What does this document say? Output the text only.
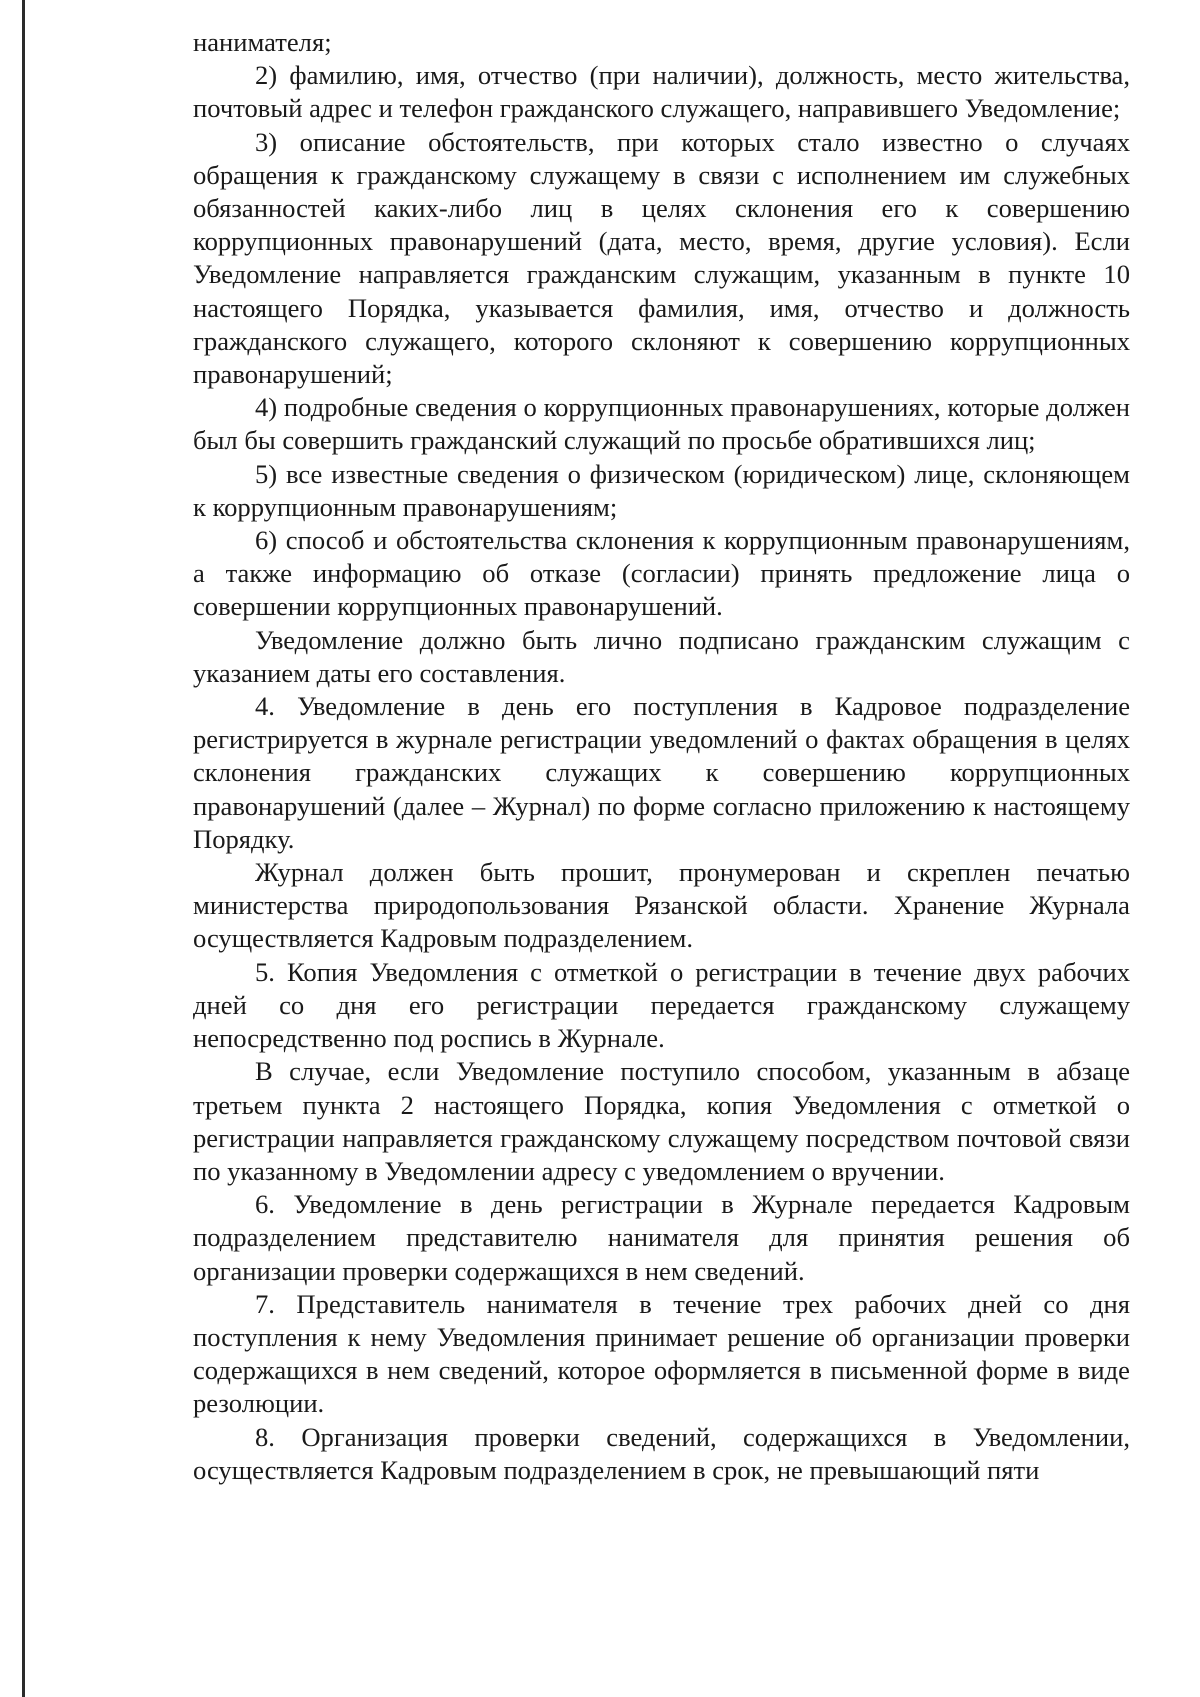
нанимателя;

2) фамилию, имя, отчество (при наличии), должность, место жительства, почтовый адрес и телефон гражданского служащего, направившего Уведомление;

3) описание обстоятельств, при которых стало известно о случаях обращения к гражданскому служащему в связи с исполнением им служебных обязанностей каких-либо лиц в целях склонения его к совершению коррупционных правонарушений (дата, место, время, другие условия). Если Уведомление направляется гражданским служащим, указанным в пункте 10 настоящего Порядка, указывается фамилия, имя, отчество и должность гражданского служащего, которого склоняют к совершению коррупционных правонарушений;

4) подробные сведения о коррупционных правонарушениях, которые должен был бы совершить гражданский служащий по просьбе обратившихся лиц;

5) все известные сведения о физическом (юридическом) лице, склоняющем к коррупционным правонарушениям;

6) способ и обстоятельства склонения к коррупционным правонарушениям, а также информацию об отказе (согласии) принять предложение лица о совершении коррупционных правонарушений.

Уведомление должно быть лично подписано гражданским служащим с указанием даты его составления.

4. Уведомление в день его поступления в Кадровое подразделение регистрируется в журнале регистрации уведомлений о фактах обращения в целях склонения гражданских служащих к совершению коррупционных правонарушений (далее – Журнал) по форме согласно приложению к настоящему Порядку.

Журнал должен быть прошит, пронумерован и скреплен печатью министерства природопользования Рязанской области. Хранение Журнала осуществляется Кадровым подразделением.

5. Копия Уведомления с отметкой о регистрации в течение двух рабочих дней со дня его регистрации передается гражданскому служащему непосредственно под роспись в Журнале.

В случае, если Уведомление поступило способом, указанным в абзаце третьем пункта 2 настоящего Порядка, копия Уведомления с отметкой о регистрации направляется гражданскому служащему посредством почтовой связи по указанному в Уведомлении адресу с уведомлением о вручении.

6. Уведомление в день регистрации в Журнале передается Кадровым подразделением представителю нанимателя для принятия решения об организации проверки содержащихся в нем сведений.

7. Представитель нанимателя в течение трех рабочих дней со дня поступления к нему Уведомления принимает решение об организации проверки содержащихся в нем сведений, которое оформляется в письменной форме в виде резолюции.

8. Организация проверки сведений, содержащихся в Уведомлении, осуществляется Кадровым подразделением в срок, не превышающий пяти
